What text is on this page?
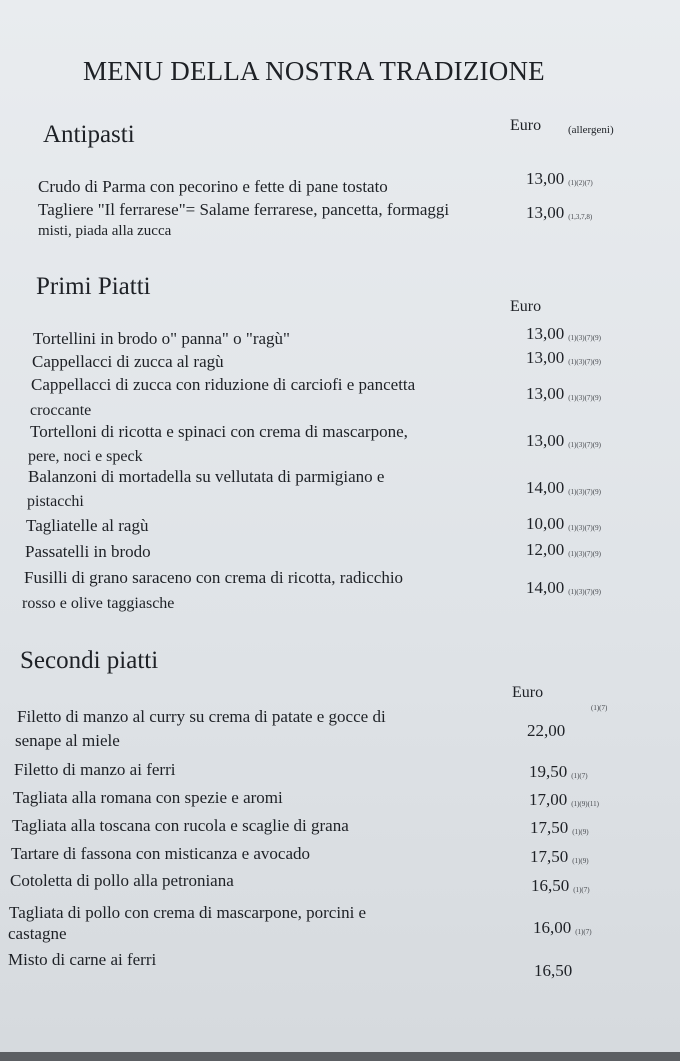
MENU DELLA NOSTRA TRADIZIONE
Antipasti	Euro (allergeni)
Crudo di Parma con pecorino e fette di pane tostato	13,00 (1)(2)(7)
Tagliere "Il ferrarese"= Salame ferrarese, pancetta, formaggi
misti, piada alla zucca
13,00 (1,3,7,8)
Primi Piatti
Euro
Tortellini in brodo o" panna" o "ragù"	13,00 (1)(3)(7)(9)
Cappellacci di zucca al ragù	13,00 (1)(3)(7)(9)
Cappellacci di zucca con riduzione di carciofi e pancetta
croccante
13,00 (1)(3)(7)(9)
Tortelloni di ricotta e spinaci con crema di mascarpone,
pere, noci e speck
13,00 (1)(3)(7)(9)
Balanzoni di mortadella su vellutata di parmigiano e
pistacchi
14,00 (1)(3)(7)(9)
Tagliatelle al ragù	10,00 (1)(3)(7)(9)
Passatelli in brodo	12,00 (1)(3)(7)(9)
Fusilli di grano saraceno con crema di ricotta, radicchio
rosso e olive taggiasche
14,00 (1)(3)(7)(9)
Secondi piatti
Euro
Filetto di manzo al curry su crema di patate e gocce di
senape al miele
(1)(7)
22,00
Filetto di manzo ai ferri	19,50 (1)(7)
Tagliata alla romana con spezie e aromi	17,00 (1)(9)(11)
Tagliata alla toscana con rucola e scaglie di grana	17,50 (1)(9)
Tartare di fassona con misticanza e avocado	17,50 (1)(9)
Cotoletta di pollo alla petroniana	16,50 (1)(7)
Tagliata di pollo con crema di mascarpone, porcini e
castagne	16,00 (1)(7)
Misto di carne ai ferri
16,50
